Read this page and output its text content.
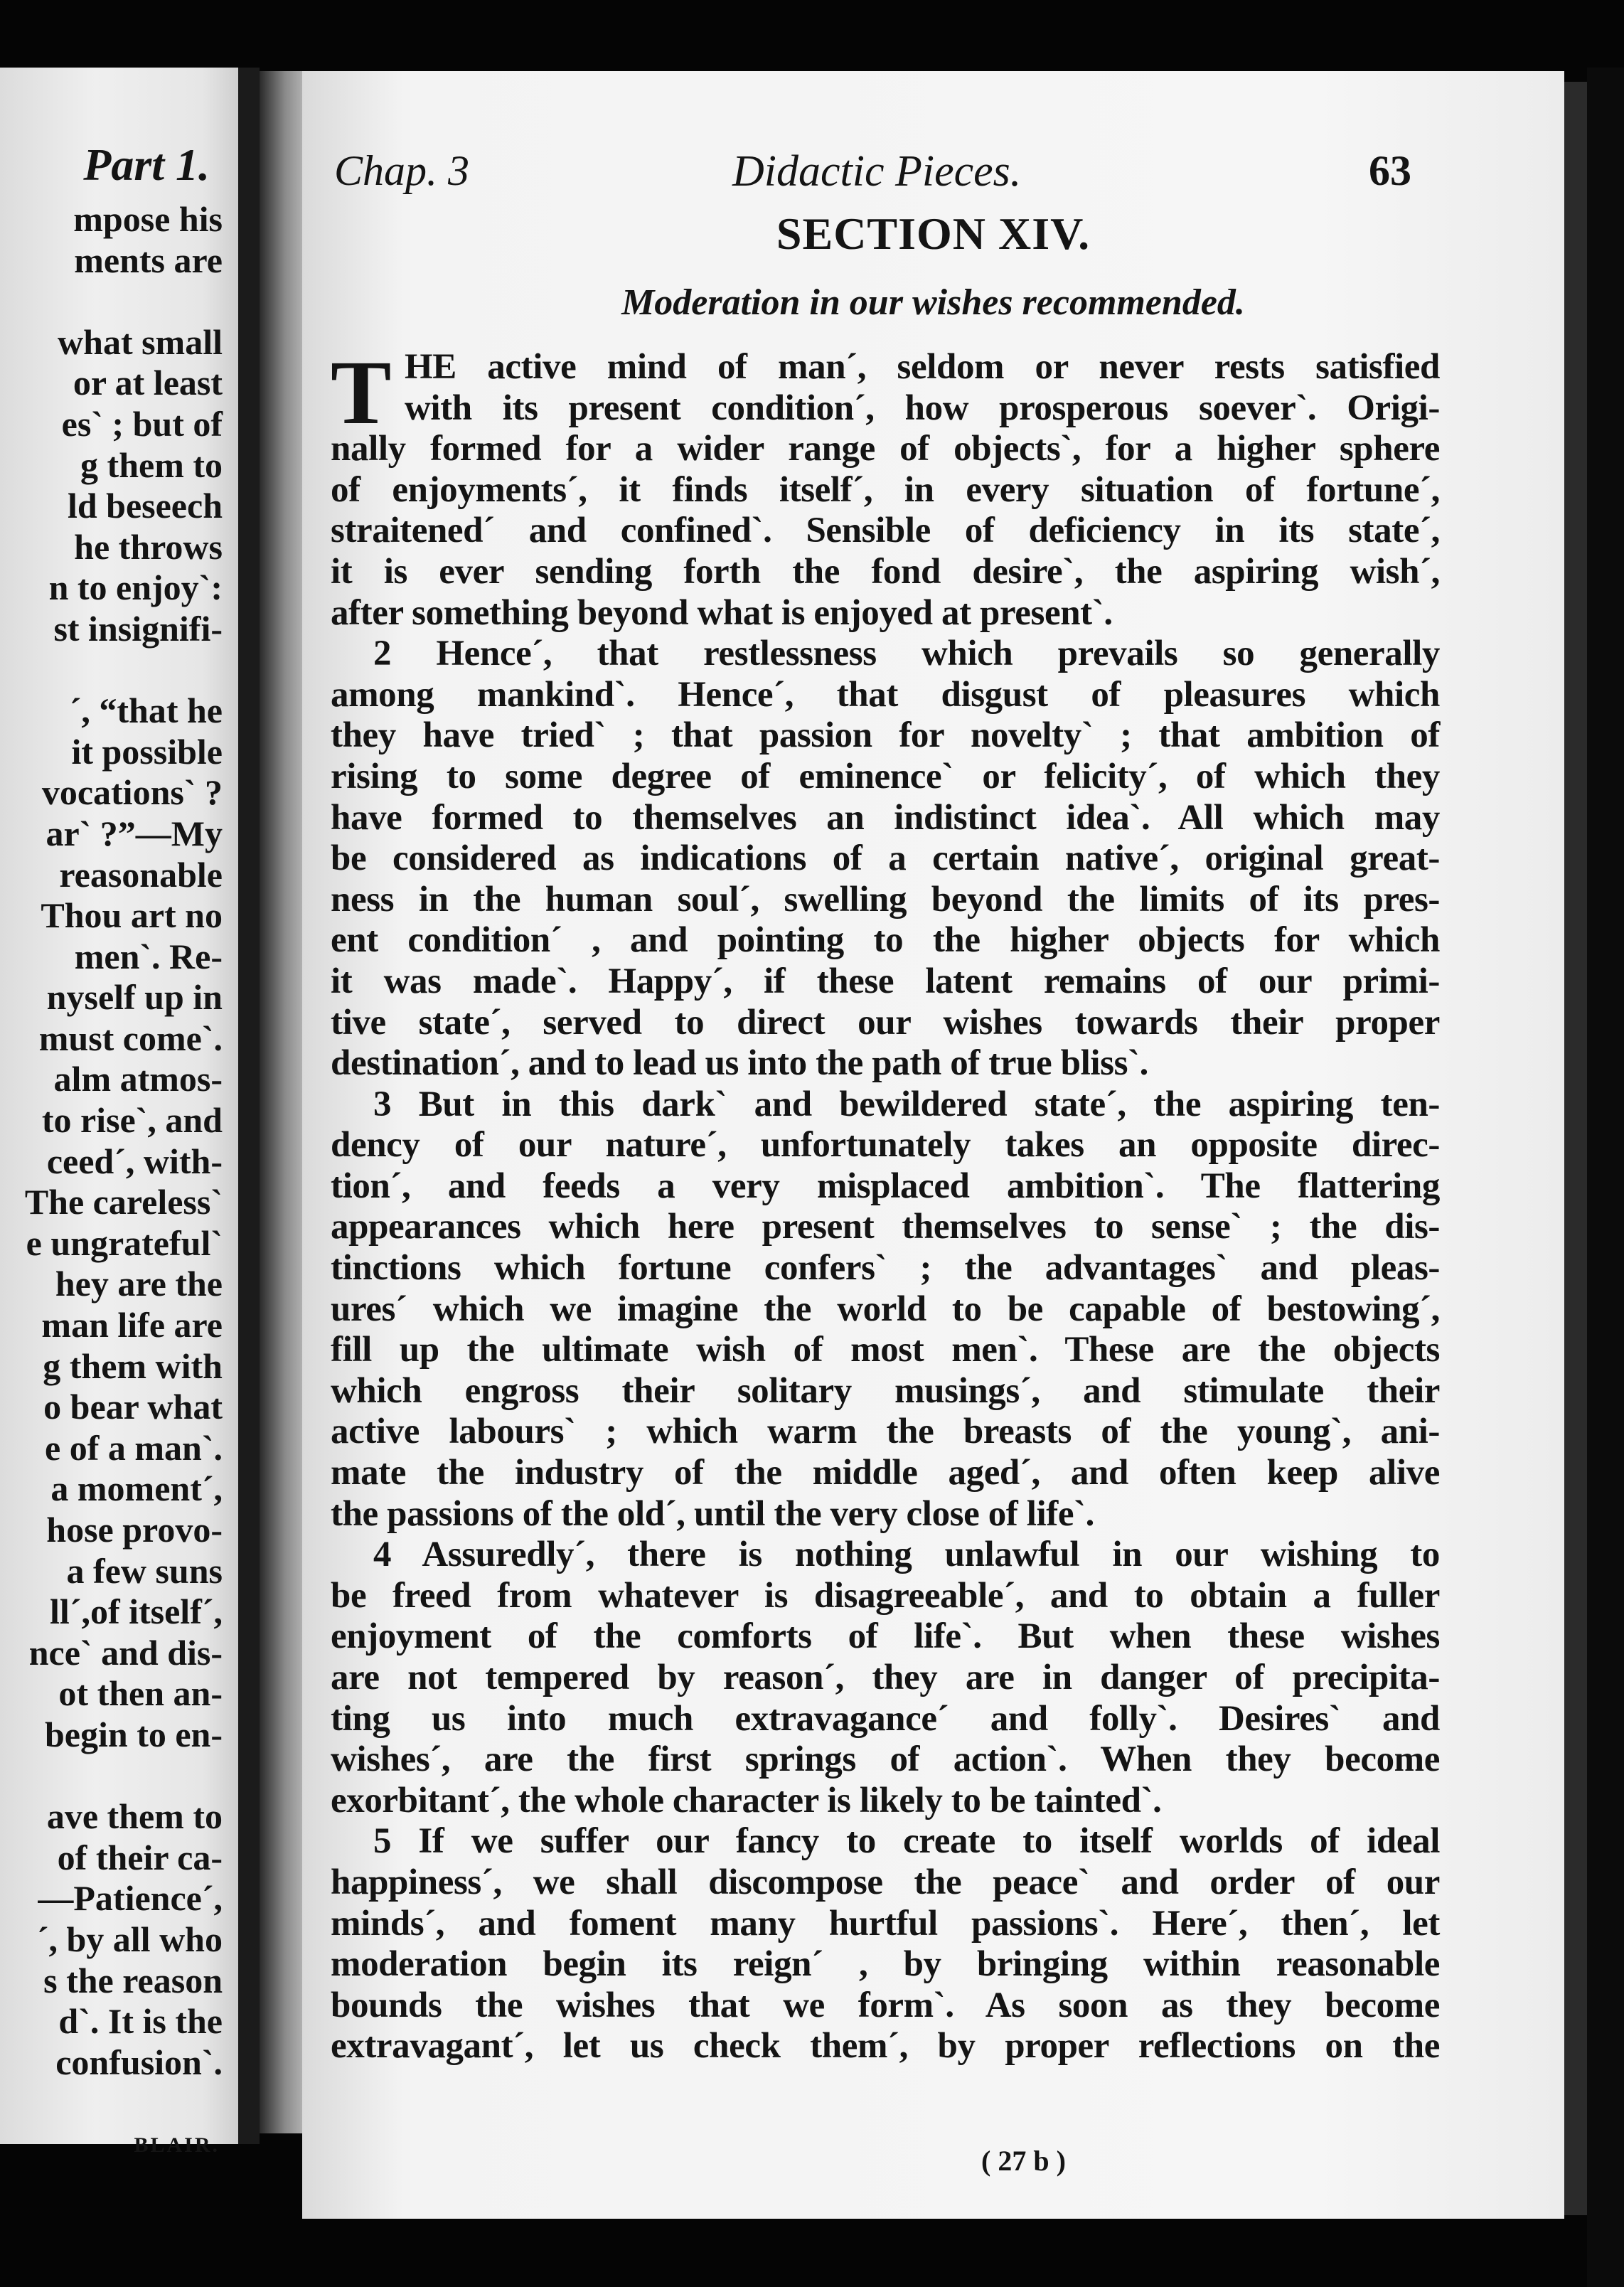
Part 1.
mpose his
ments are
what small
or at least
es` ; but of
g them to
ld beseech
he throws
n to enjoy`:
st insignifi-
´, “that he
it possible
vocations` ?
ar` ?”—My
reasonable
Thou art no
men`. Re-
nyself up in
must come`.
alm atmos-
to rise`, and
ceed´, with-
The careless`
e ungrateful`
hey are the
man life are
g them with
o bear what
e of a man`.
a moment´,
hose provo-
a few suns
ll´,of itself´,
nce` and dis-
ot then an-
begin to en-
ave them to
of their ca-
—Patience´,
´, by all who
s the reason
d`. It is the
confusion`.
BLAIR.
Chap. 3	Didactic Pieces.	63
SECTION XIV.
Moderation in our wishes recommended.
T HE active mind of man´, seldom or never rests satisfied
with its present condition´, how prosperous soever`. Origi-
nally formed for a wider range of objects`, for a higher sphere
of enjoyments´, it finds itself´, in every situation of fortune´,
straitened´ and confined`. Sensible of deficiency in its state´,
it is ever sending forth the fond desire`, the aspiring wish´,
after something beyond what is enjoyed at present`.
2 Hence´, that restlessness which prevails so generally
among mankind`. Hence´, that disgust of pleasures which
they have tried` ; that passion for novelty` ; that ambition of
rising to some degree of eminence` or felicity´, of which they
have formed to themselves an indistinct idea`. All which may
be considered as indications of a certain native´, original great-
ness in the human soul´, swelling beyond the limits of its pres-
ent condition´ , and pointing to the higher objects for which
it was made`. Happy´, if these latent remains of our primi-
tive state´, served to direct our wishes towards their proper
destination´, and to lead us into the path of true bliss`.
3 But in this dark` and bewildered state´, the aspiring ten-
dency of our nature´, unfortunately takes an opposite direc-
tion´, and feeds a very misplaced ambition`. The flattering
appearances which here present themselves to sense` ; the dis-
tinctions which fortune confers` ; the advantages` and pleas-
ures´ which we imagine the world to be capable of bestowing´,
fill up the ultimate wish of most men`. These are the objects
which engross their solitary musings´, and stimulate their
active labours` ; which warm the breasts of the young`, ani-
mate the industry of the middle aged´, and often keep alive
the passions of the old´, until the very close of life`.
4 Assuredly´, there is nothing unlawful in our wishing to
be freed from whatever is disagreeable´, and to obtain a fuller
enjoyment of the comforts of life`. But when these wishes
are not tempered by reason´, they are in danger of precipita-
ting us into much extravagance´ and folly`. Desires` and
wishes´, are the first springs of action`. When they become
exorbitant´, the whole character is likely to be tainted`.
5 If we suffer our fancy to create to itself worlds of ideal
happiness´, we shall discompose the peace` and order of our
minds´, and foment many hurtful passions`. Here´, then´, let
moderation begin its reign´ , by bringing within reasonable
bounds the wishes that we form`. As soon as they become
extravagant´, let us check them´, by proper reflections on the
( 27 b )
